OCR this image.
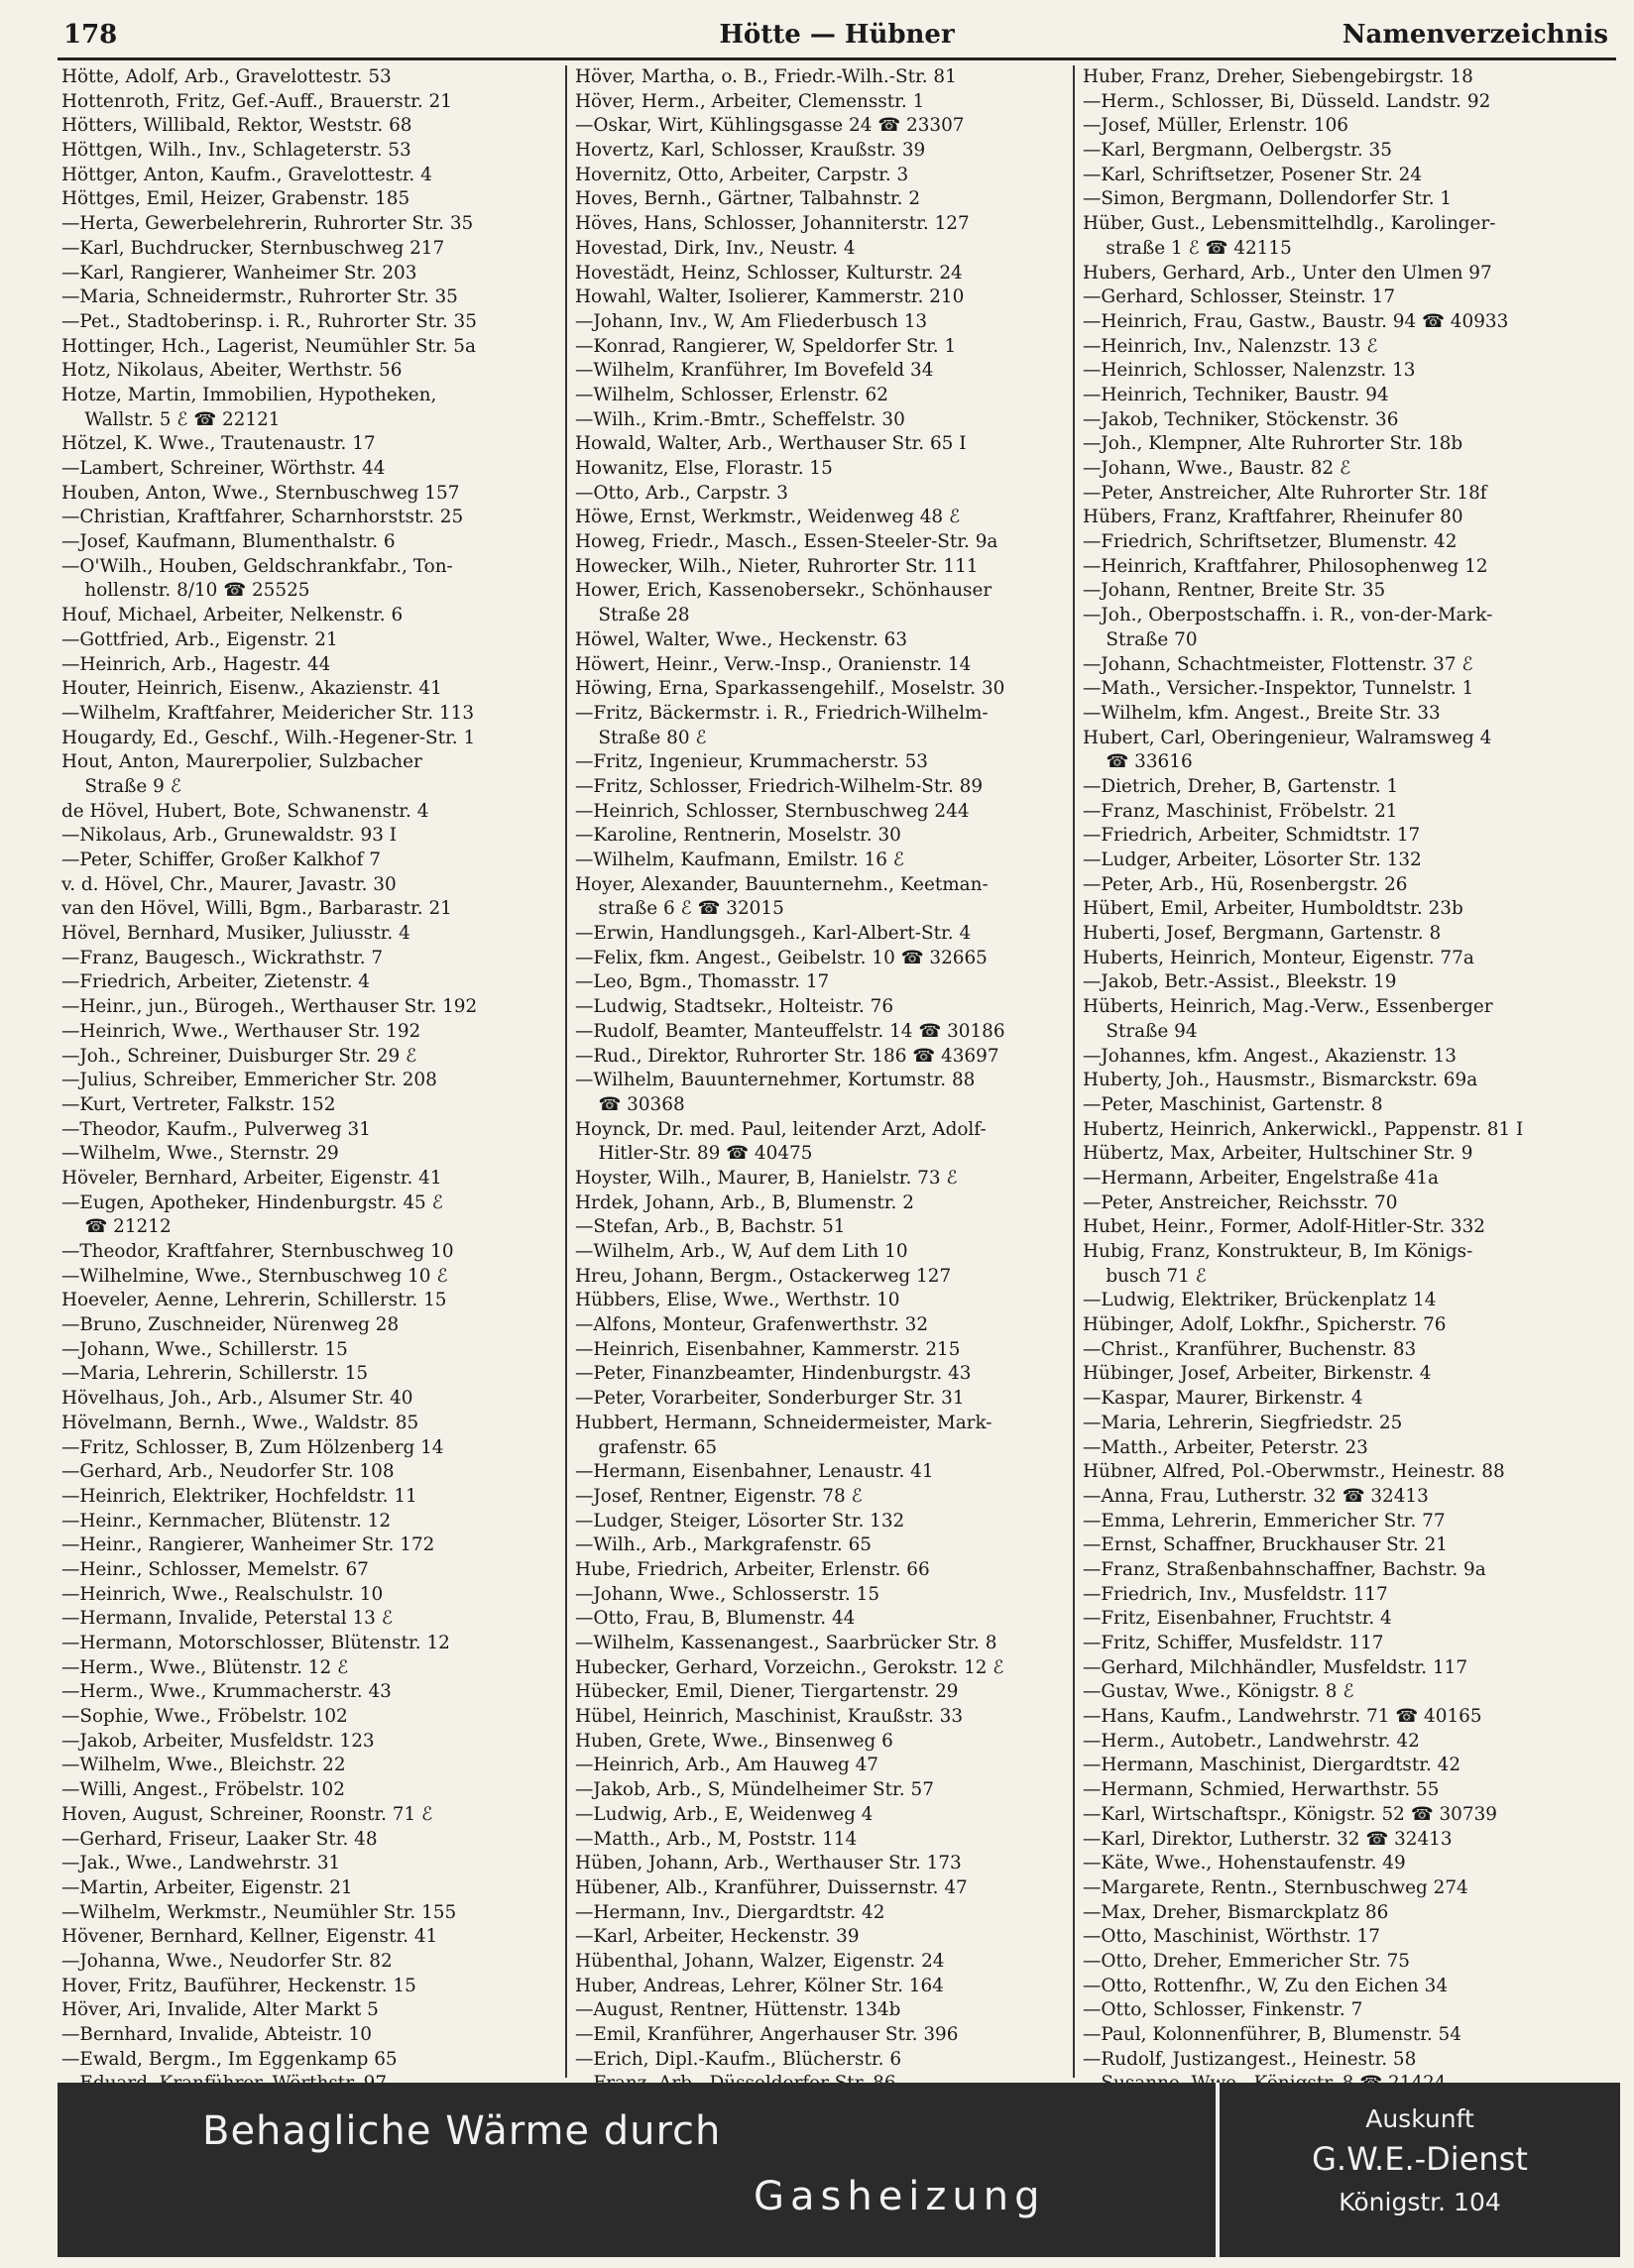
178	Hötte — Hübner	Namenverzeichnis
Hötte, Adolf, Arb., Gravelottestr. 53
Hottenroth, Fritz, Gef.-Auff., Brauerstr. 21
Hötters, Willibald, Rektor, Weststr. 68
Höttgen, Wilh., Inv., Schlageterstr. 53
Höttger, Anton, Kaufm., Gravelottestr. 4
Höttges, Emil, Heizer, Grabenstr. 185
—Herta, Gewerbelehrerin, Ruhrorter Str. 35
—Karl, Buchdrucker, Sternbuschweg 217
—Karl, Rangierer, Wanheimer Str. 203
—Maria, Schneidermstr., Ruhrorter Str. 35
—Pet., Stadtoberinsp. i. R., Ruhrorter Str. 35
Hottinger, Hch., Lagerist, Neumühler Str. 5a
Hotz, Nikolaus, Abeiter, Werthstr. 56
Hotze, Martin, Immobilien, Hypotheken,
Wallstr. 5 ℰ ☎ 22121
Hötzel, K. Wwe., Trautenaustr. 17
—Lambert, Schreiner, Wörthstr. 44
Houben, Anton, Wwe., Sternbuschweg 157
—Christian, Kraftfahrer, Scharnhorststr. 25
—Josef, Kaufmann, Blumenthalstr. 6
—O'Wilh., Houben, Geldschrankfabr., Ton-
hollenstr. 8/10 ☎ 25525
Houf, Michael, Arbeiter, Nelkenstr. 6
—Gottfried, Arb., Eigenstr. 21
—Heinrich, Arb., Hagestr. 44
Houter, Heinrich, Eisenw., Akazienstr. 41
—Wilhelm, Kraftfahrer, Meidericher Str. 113
Hougardy, Ed., Geschf., Wilh.-Hegener-Str. 1
Hout, Anton, Maurerpolier, Sulzbacher
Straße 9 ℰ
de Hövel, Hubert, Bote, Schwanenstr. 4
—Nikolaus, Arb., Grunewaldstr. 93 I
—Peter, Schiffer, Großer Kalkhof 7
v. d. Hövel, Chr., Maurer, Javastr. 30
van den Hövel, Willi, Bgm., Barbarastr. 21
Hövel, Bernhard, Musiker, Juliusstr. 4
—Franz, Baugesch., Wickrathstr. 7
—Friedrich, Arbeiter, Zietenstr. 4
—Heinr., jun., Bürogeh., Werthauser Str. 192
—Heinrich, Wwe., Werthauser Str. 192
—Joh., Schreiner, Duisburger Str. 29 ℰ
—Julius, Schreiber, Emmericher Str. 208
—Kurt, Vertreter, Falkstr. 152
—Theodor, Kaufm., Pulverweg 31
—Wilhelm, Wwe., Sternstr. 29
Höveler, Bernhard, Arbeiter, Eigenstr. 41
—Eugen, Apotheker, Hindenburgstr. 45 ℰ
☎ 21212
—Theodor, Kraftfahrer, Sternbuschweg 10
—Wilhelmine, Wwe., Sternbuschweg 10 ℰ
Hoeveler, Aenne, Lehrerin, Schillerstr. 15
—Bruno, Zuschneider, Nürenweg 28
—Johann, Wwe., Schillerstr. 15
—Maria, Lehrerin, Schillerstr. 15
Hövelhaus, Joh., Arb., Alsumer Str. 40
Hövelmann, Bernh., Wwe., Waldstr. 85
—Fritz, Schlosser, B, Zum Hölzenberg 14
—Gerhard, Arb., Neudorfer Str. 108
—Heinrich, Elektriker, Hochfeldstr. 11
—Heinr., Kernmacher, Blütenstr. 12
—Heinr., Rangierer, Wanheimer Str. 172
—Heinr., Schlosser, Memelstr. 67
—Heinrich, Wwe., Realschulstr. 10
—Hermann, Invalide, Peterstal 13 ℰ
—Hermann, Motorschlosser, Blütenstr. 12
—Herm., Wwe., Blütenstr. 12 ℰ
—Herm., Wwe., Krummacherstr. 43
—Sophie, Wwe., Fröbelstr. 102
—Jakob, Arbeiter, Musfeldstr. 123
—Wilhelm, Wwe., Bleichstr. 22
—Willi, Angest., Fröbelstr. 102
Hoven, August, Schreiner, Roonstr. 71 ℰ
—Gerhard, Friseur, Laaker Str. 48
—Jak., Wwe., Landwehrstr. 31
—Martin, Arbeiter, Eigenstr. 21
—Wilhelm, Werkmstr., Neumühler Str. 155
Hövener, Bernhard, Kellner, Eigenstr. 41
—Johanna, Wwe., Neudorfer Str. 82
Hover, Fritz, Bauführer, Heckenstr. 15
Höver, Ari, Invalide, Alter Markt 5
—Bernhard, Invalide, Abteistr. 10
—Ewald, Bergm., Im Eggenkamp 65
Höver, Martha, o. B., Friedr.-Wilh.-Str. 81
Höver, Herm., Arbeiter, Clemensstr. 1
—Oskar, Wirt, Kühlingsgasse 24 ☎ 23307
Hovertz, Karl, Schlosser, Kraußstr. 39
Hovernitz, Otto, Arbeiter, Carpstr. 3
Hoves, Bernh., Gärtner, Talbahnstr. 2
Höves, Hans, Schlosser, Johanniterstr. 127
Hovestad, Dirk, Inv., Neustr. 4
Hovestädt, Heinz, Schlosser, Kulturstr. 24
Howahl, Walter, Isolierer, Kammerstr. 210
—Johann, Inv., W, Am Fliederbusch 13
—Konrad, Rangierer, W, Speldorfer Str. 1
—Wilhelm, Kranführer, Im Bovefeld 34
—Wilhelm, Schlosser, Erlenstr. 62
—Wilh., Krim.-Bmtr., Scheffelstr. 30
Howald, Walter, Arb., Werthauser Str. 65 I
Howanitz, Else, Florastr. 15
—Otto, Arb., Carpstr. 3
Höwe, Ernst, Werkmstr., Weidenweg 48 ℰ
Howeg, Friedr., Masch., Essen-Steeler-Str. 9a
Howecker, Wilh., Nieter, Ruhrorter Str. 111
Hower, Erich, Kassenobersekr., Schönhauser
Straße 28
Höwel, Walter, Wwe., Heckenstr. 63
Höwert, Heinr., Verw.-Insp., Oranienstr. 14
Höwing, Erna, Sparkassengehilf., Moselstr. 30
—Fritz, Bäckermstr. i. R., Friedrich-Wilhelm-
Straße 80 ℰ
—Fritz, Ingenieur, Krummacherstr. 53
—Fritz, Schlosser, Friedrich-Wilhelm-Str. 89
—Heinrich, Schlosser, Sternbuschweg 244
—Karoline, Rentnerin, Moselstr. 30
—Wilhelm, Kaufmann, Emilstr. 16 ℰ
Hoyer, Alexander, Bauunternehm., Keetman-
straße 6 ℰ ☎ 32015
—Erwin, Handlungsgeh., Karl-Albert-Str. 4
—Felix, fkm. Angest., Geibelstr. 10 ☎ 32665
—Leo, Bgm., Thomasstr. 17
—Ludwig, Stadtsekr., Holteistr. 76
—Rudolf, Beamter, Manteuffelstr. 14 ☎ 30186
—Rud., Direktor, Ruhrorter Str. 186 ☎ 43697
—Wilhelm, Bauunternehmer, Kortumstr. 88
☎ 30368
Hoynck, Dr. med. Paul, leitender Arzt, Adolf-
Hitler-Str. 89 ☎ 40475
Hoyster, Wilh., Maurer, B, Hanielstr. 73 ℰ
Hrdek, Johann, Arb., B, Blumenstr. 2
—Stefan, Arb., B, Bachstr. 51
—Wilhelm, Arb., W, Auf dem Lith 10
Hreu, Johann, Bergm., Ostackerweg 127
Hübbers, Elise, Wwe., Werthstr. 10
—Alfons, Monteur, Grafenwerthstr. 32
—Heinrich, Eisenbahner, Kammerstr. 215
—Peter, Finanzbeamter, Hindenburgstr. 43
—Peter, Vorarbeiter, Sonderburger Str. 31
Hubbert, Hermann, Schneidermeister, Mark-
grafenstr. 65
—Hermann, Eisenbahner, Lenaustr. 41
—Josef, Rentner, Eigenstr. 78 ℰ
—Ludger, Steiger, Lösorter Str. 132
—Wilh., Arb., Markgrafenstr. 65
Hube, Friedrich, Arbeiter, Erlenstr. 66
—Johann, Wwe., Schlosserstr. 15
—Otto, Frau, B, Blumenstr. 44
—Wilhelm, Kassenangest., Saarbrücker Str. 8
Hubecker, Gerhard, Vorzeichn., Gerokstr. 12 ℰ
Hübecker, Emil, Diener, Tiergartenstr. 29
Hübel, Heinrich, Maschinist, Kraußstr. 33
Huben, Grete, Wwe., Binsenweg 6
—Heinrich, Arb., Am Hauweg 47
—Jakob, Arb., S, Mündelheimer Str. 57
—Ludwig, Arb., E, Weidenweg 4
—Matth., Arb., M, Poststr. 114
Hüben, Johann, Arb., Werthauser Str. 173
Hübener, Alb., Kranführer, Duissernstr. 47
—Hermann, Inv., Diergardtstr. 42
—Karl, Arbeiter, Heckenstr. 39
Hübenthal, Johann, Walzer, Eigenstr. 24
Huber, Andreas, Lehrer, Kölner Str. 164
—August, Rentner, Hüttenstr. 134b
—Emil, Kranführer, Angerhauser Str. 396
—Erich, Dipl.-Kaufm., Blücherstr. 6
Huber, Franz, Dreher, Siebengebirgstr. 18
—Herm., Schlosser, Bi, Düsseld. Landstr. 92
—Josef, Müller, Erlenstr. 106
—Karl, Bergmann, Oelbergstr. 35
—Karl, Schriftsetzer, Posener Str. 24
—Simon, Bergmann, Dollendorfer Str. 1
Hüber, Gust., Lebensmittelhdlg., Karolinger-
straße 1 ℰ ☎ 42115
Hubers, Gerhard, Arb., Unter den Ulmen 97
—Gerhard, Schlosser, Steinstr. 17
—Heinrich, Frau, Gastw., Baustr. 94 ☎ 40933
—Heinrich, Inv., Nalenzstr. 13 ℰ
—Heinrich, Schlosser, Nalenzstr. 13
—Heinrich, Techniker, Baustr. 94
—Jakob, Techniker, Stöckenstr. 36
—Joh., Klempner, Alte Ruhrorter Str. 18b
—Johann, Wwe., Baustr. 82 ℰ
—Peter, Anstreicher, Alte Ruhrorter Str. 18f
Hübers, Franz, Kraftfahrer, Rheinufer 80
—Friedrich, Schriftsetzer, Blumenstr. 42
—Heinrich, Kraftfahrer, Philosophenweg 12
—Johann, Rentner, Breite Str. 35
—Joh., Oberpostschaffn. i. R., von-der-Mark-
Straße 70
—Johann, Schachtmeister, Flottenstr. 37 ℰ
—Math., Versicher.-Inspektor, Tunnelstr. 1
—Wilhelm, kfm. Angest., Breite Str. 33
Hubert, Carl, Oberingenieur, Walramsweg 4
☎ 33616
—Dietrich, Dreher, B, Gartenstr. 1
—Franz, Maschinist, Fröbelstr. 21
—Friedrich, Arbeiter, Schmidtstr. 17
—Ludger, Arbeiter, Lösorter Str. 132
—Peter, Arb., Hü, Rosenbergstr. 26
Hübert, Emil, Arbeiter, Humboldtstr. 23b
Huberti, Josef, Bergmann, Gartenstr. 8
Huberts, Heinrich, Monteur, Eigenstr. 77a
—Jakob, Betr.-Assist., Bleekstr. 19
Hüberts, Heinrich, Mag.-Verw., Essenberger
Straße 94
—Johannes, kfm. Angest., Akazienstr. 13
Huberty, Joh., Hausmstr., Bismarckstr. 69a
—Peter, Maschinist, Gartenstr. 8
Hubertz, Heinrich, Ankerwickl., Pappenstr. 81 I
Hübertz, Max, Arbeiter, Hultschiner Str. 9
—Hermann, Arbeiter, Engelstraße 41a
—Peter, Anstreicher, Reichsstr. 70
Hubet, Heinr., Former, Adolf-Hitler-Str. 332
Hubig, Franz, Konstrukteur, B, Im Königs-
busch 71 ℰ
—Ludwig, Elektriker, Brückenplatz 14
Hübinger, Adolf, Lokfhr., Spicherstr. 76
—Christ., Kranführer, Buchenstr. 83
Hübinger, Josef, Arbeiter, Birkenstr. 4
—Kaspar, Maurer, Birkenstr. 4
—Maria, Lehrerin, Siegfriedstr. 25
—Matth., Arbeiter, Peterstr. 23
Hübner, Alfred, Pol.-Oberwmstr., Heinestr. 88
—Anna, Frau, Lutherstr. 32 ☎ 32413
—Emma, Lehrerin, Emmericher Str. 77
—Ernst, Schaffner, Bruckhauser Str. 21
—Franz, Straßenbahnschaffner, Bachstr. 9a
—Friedrich, Inv., Musfeldstr. 117
—Fritz, Eisenbahner, Fruchtstr. 4
—Fritz, Schiffer, Musfeldstr. 117
—Gerhard, Milchhändler, Musfeldstr. 117
—Gustav, Wwe., Königstr. 8 ℰ
—Hans, Kaufm., Landwehrstr. 71 ☎ 40165
—Herm., Autobetr., Landwehrstr. 42
—Hermann, Maschinist, Diergardtstr. 42
—Hermann, Schmied, Herwarthstr. 55
—Karl, Wirtschaftspr., Königstr. 52 ☎ 30739
—Karl, Direktor, Lutherstr. 32 ☎ 32413
—Käte, Wwe., Hohenstaufenstr. 49
—Margarete, Rentn., Sternbuschweg 274
—Max, Dreher, Bismarckplatz 86
—Otto, Maschinist, Wörthstr. 17
—Otto, Dreher, Emmericher Str. 75
—Otto, Rottenfhr., W, Zu den Eichen 34
—Otto, Schlosser, Finkenstr. 7
—Paul, Kolonnenführer, B, Blumenstr. 54
—Rudolf, Justizangest., Heinestr. 58
Behagliche Wärme durch
Gasheizung
Auskunft
G.W.E.-Dienst
Königstr. 104
